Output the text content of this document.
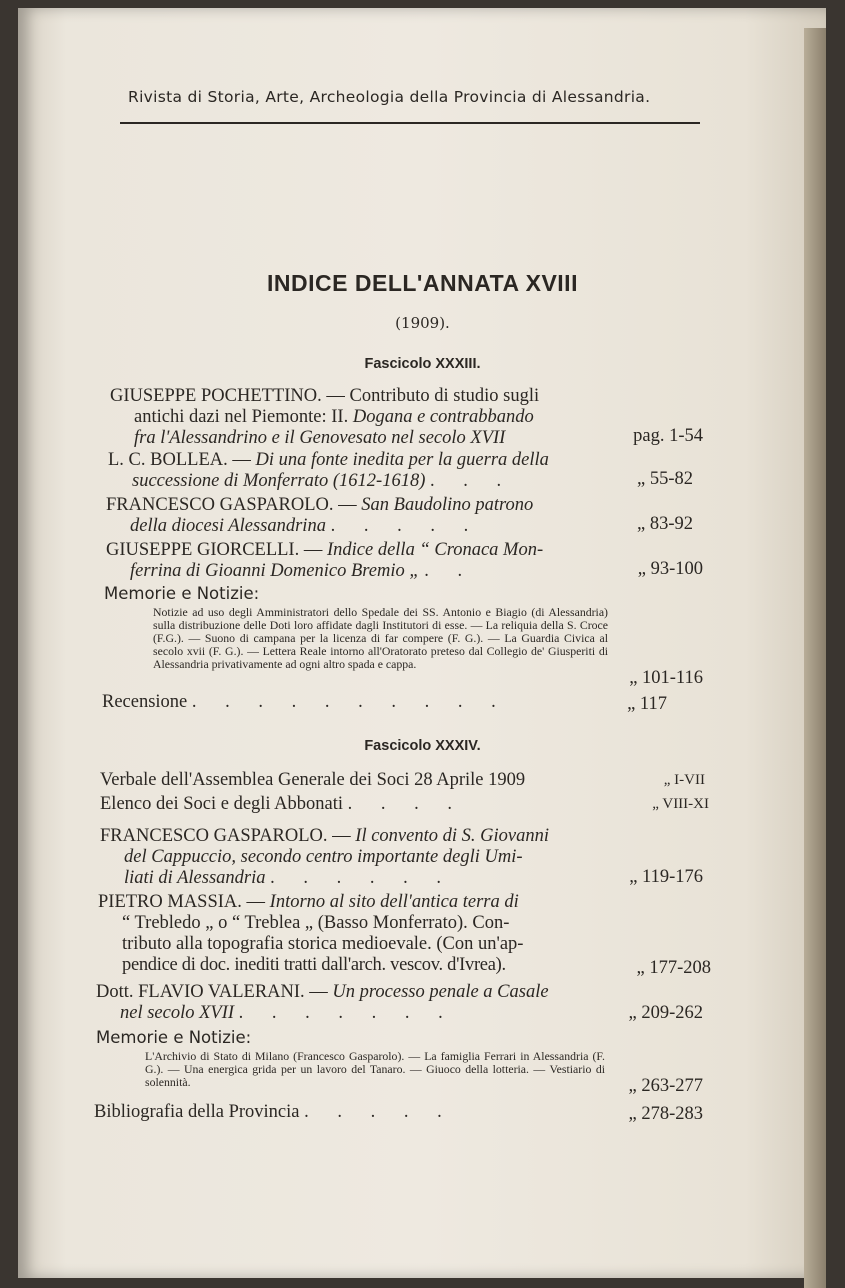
Rivista di Storia, Arte, Archeologia della Provincia di Alessandria.
INDICE DELL'ANNATA XVIII
(1909).
Fascicolo XXXIII.
GIUSEPPE POCHETTINO. — Contributo di studio sugli
antichi dazi nel Piemonte: II. Dogana e contrabbando
fra l'Alessandrino e il Genovesato nel secolo XVII	pag. 1-54
L. C. BOLLEA. — Di una fonte inedita per la guerra della
successione di Monferrato (1612-1618) . . .	„ 55-82
FRANCESCO GASPAROLO. — San Baudolino patrono
della diocesi Alessandrina . . . . .	„ 83-92
GIUSEPPE GIORCELLI. — Indice della “ Cronaca Mon-
ferrina di Gioanni Domenico Bremio „ . .	„ 93-100
Memorie e Notizie:
Notizie ad uso degli Amministratori dello Spedale dei SS. Antonio e Biagio (di Alessandria) sulla distribuzione delle Doti loro affidate dagli Institutori di esse. — La reliquia della S. Croce (F.G.). — Suono di campana per la licenza di far compere (F. G.). — La Guardia Civica al secolo xvii (F. G.). — Lettera Reale intorno all'Oratorato preteso dal Collegio de' Giusperiti di Alessandria privativamente ad ogni altro spada e cappa.
„ 101-116
Recensione . . . . . . . . . .	„ 117
Fascicolo XXXIV.
Verbale dell'Assemblea Generale dei Soci 28 Aprile 1909	„ I-VII
Elenco dei Soci e degli Abbonati . . . .	„ VIII-XI
FRANCESCO GASPAROLO. — Il convento di S. Giovanni
del Cappuccio, secondo centro importante degli Umi-
liati di Alessandria . . . . . .	„ 119-176
PIETRO MASSIA. — Intorno al sito dell'antica terra di
“ Trebledo „ o “ Treblea „ (Basso Monferrato). Con-
tributo alla topografia storica medioevale. (Con un'ap-
pendice di doc. inediti tratti dall'arch. vescov. d'Ivrea).	„ 177-208
Dott. FLAVIO VALERANI. — Un processo penale a Casale
nel secolo XVII . . . . . . .	„ 209-262
Memorie e Notizie:
L'Archivio di Stato di Milano (Francesco Gasparolo). — La famiglia Ferrari in Alessandria (F. G.). — Una energica grida per un lavoro del Tanaro. — Giuoco della lotteria. — Vestiario di solennità.	„ 263-277
Bibliografia della Provincia . . . . .	„ 278-283
